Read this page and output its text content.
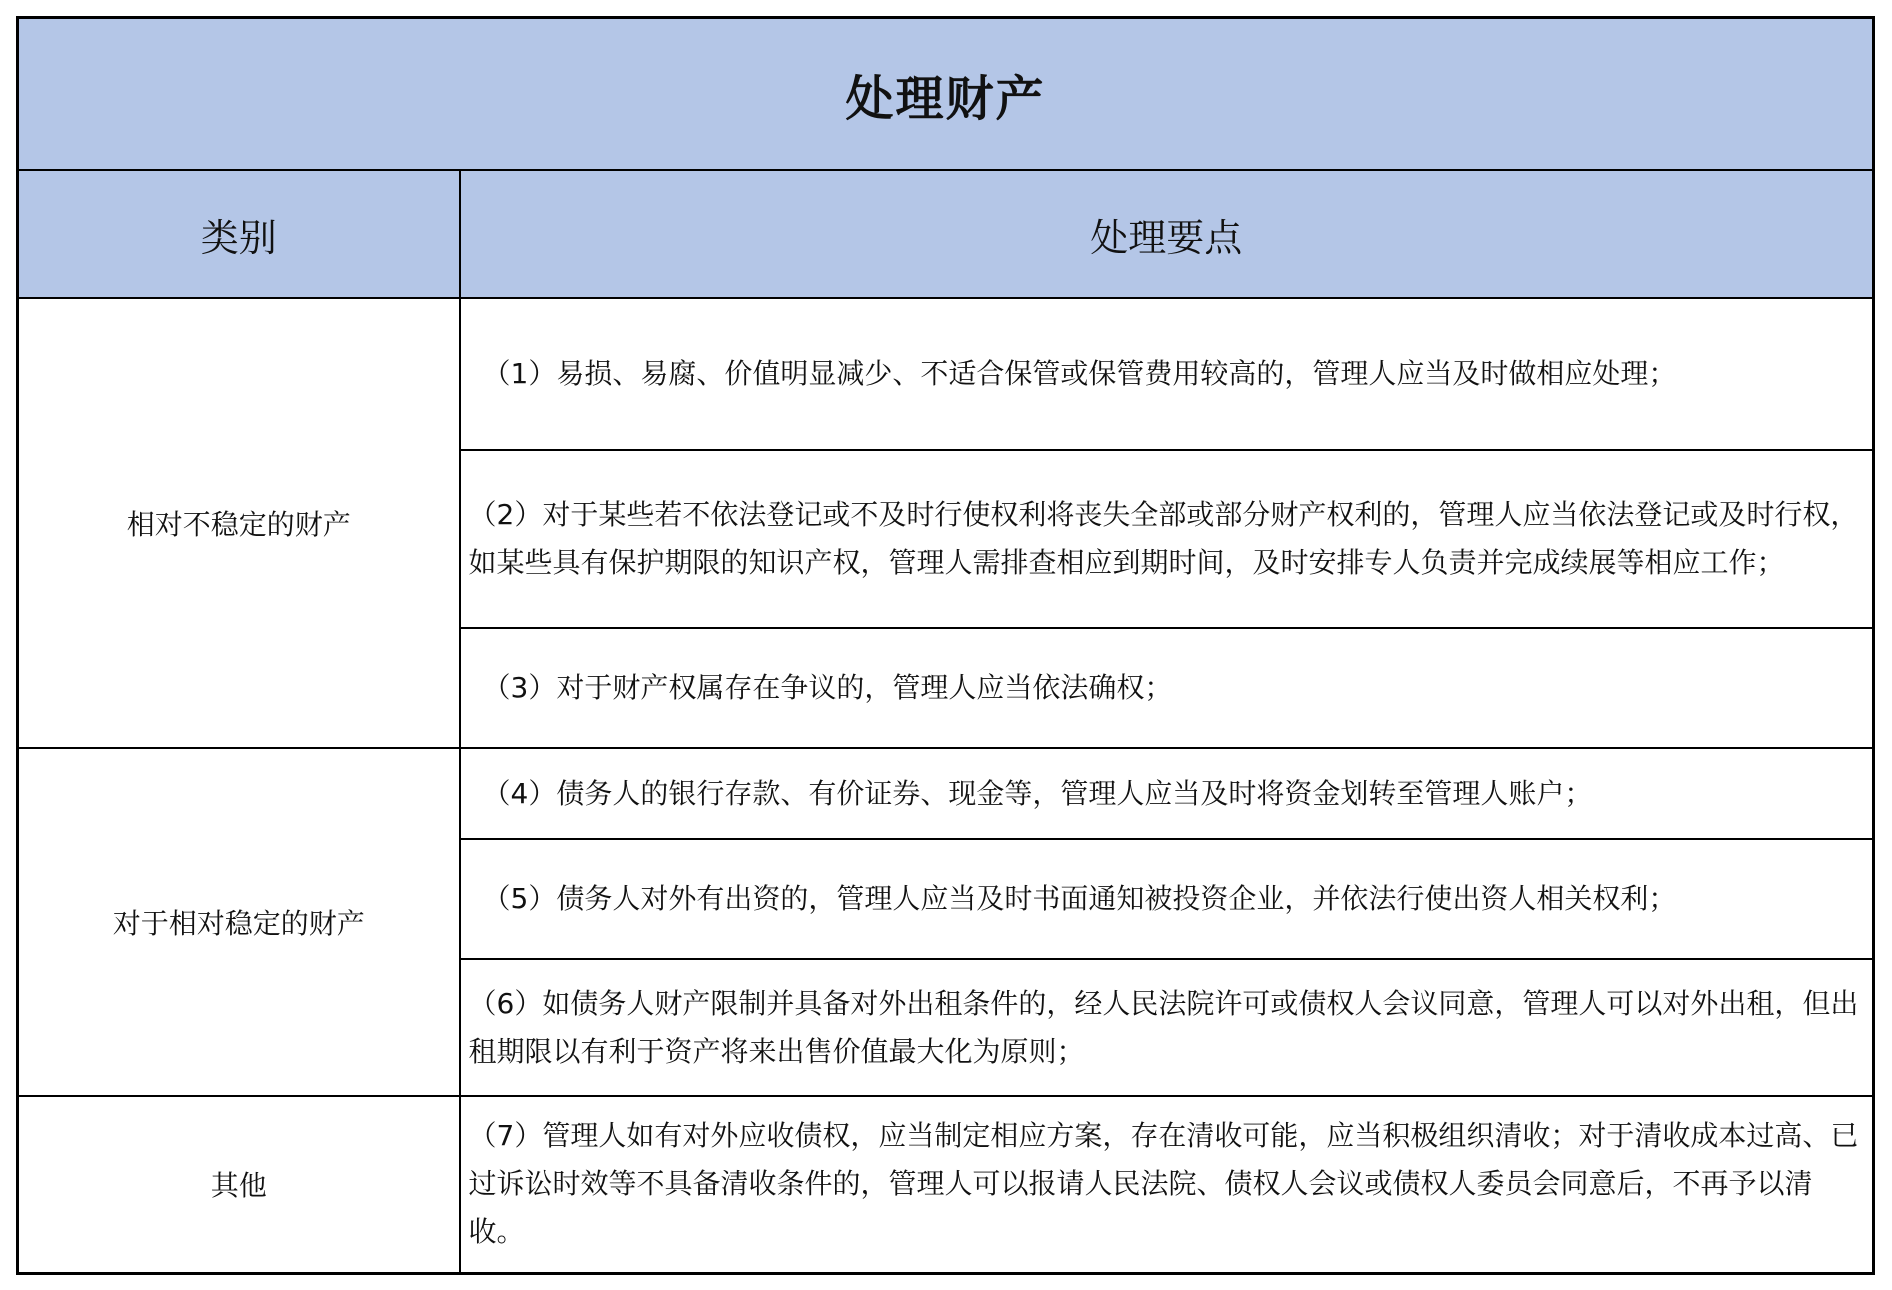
处理财产	
类别	处理要点
相对不稳定的财产	（1）易损、易腐、价值明显减少、不适合保管或保管费用较高的，管理人应当及时做相应处理；
	（2）对于某些若不依法登记或不及时行使权利将丧失全部或部分财产权利的，管理人应当依法登记或及时行权，如某些具有保护期限的知识产权，管理人需排查相应到期时间，及时安排专人负责并完成续展等相应工作；
	（3）对于财产权属存在争议的，管理人应当依法确权；
对于相对稳定的财产	（4）债务人的银行存款、有价证券、现金等，管理人应当及时将资金划转至管理人账户；
	（5）债务人对外有出资的，管理人应当及时书面通知被投资企业，并依法行使出资人相关权利；
	（6）如债务人财产限制并具备对外出租条件的，经人民法院许可或债权人会议同意，管理人可以对外出租，但出租期限以有利于资产将来出售价值最大化为原则；
其他	（7）管理人如有对外应收债权，应当制定相应方案，存在清收可能，应当积极组织清收；对于清收成本过高、已过诉讼时效等不具备清收条件的，管理人可以报请人民法院、债权人会议或债权人委员会同意后，不再予以清收。
